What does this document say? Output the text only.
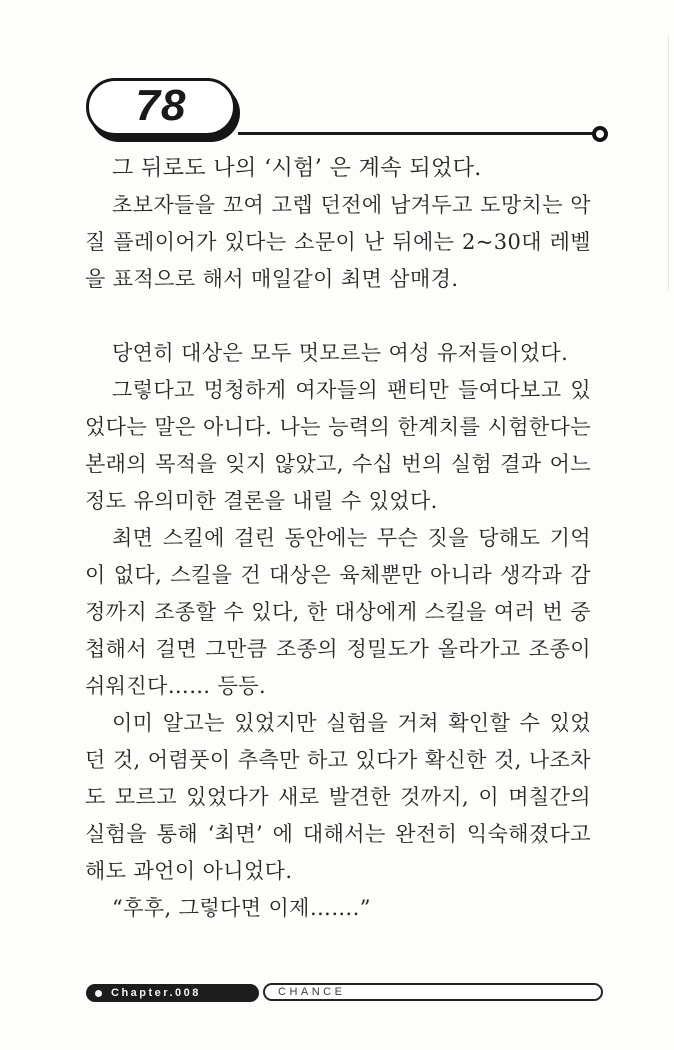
78

그 뒤로도 나의 ‘시험’ 은 계속 되었다.

초보자들을 꼬여 고렙 던전에 남겨두고 도망치는 악질 플레이어가 있다는 소문이 난 뒤에는 2~30대 레벨을 표적으로 해서 매일같이 최면 삼매경.

당연히 대상은 모두 멋모르는 여성 유저들이었다.

그렇다고 멍청하게 여자들의 팬티만 들여다보고 있었다는 말은 아니다. 나는 능력의 한계치를 시험한다는 본래의 목적을 잊지 않았고, 수십 번의 실험 결과 어느 정도 유의미한 결론을 내릴 수 있었다.

최면 스킬에 걸린 동안에는 무슨 짓을 당해도 기억이 없다, 스킬을 건 대상은 육체뿐만 아니라 생각과 감정까지 조종할 수 있다, 한 대상에게 스킬을 여러 번 중첩해서 걸면 그만큼 조종의 정밀도가 올라가고 조종이 쉬워진다…… 등등.

이미 알고는 있었지만 실험을 거쳐 확인할 수 있었던 것, 어렴풋이 추측만 하고 있다가 확신한 것, 나조차도 모르고 있었다가 새로 발견한 것까지, 이 며칠간의 실험을 통해 ‘최면’ 에 대해서는 완전히 익숙해졌다고 해도 과언이 아니었다.

“후후, 그렇다면 이제…….”

Chapter.008	CHANCE
